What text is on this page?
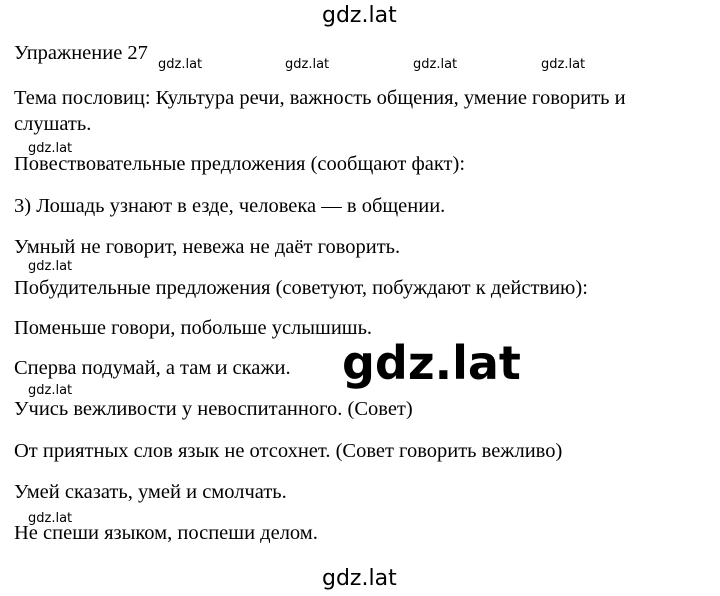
Упражнение 27
Тема пословиц: Культура речи, важность общения, умение говорить и
слушать.
Повествовательные предложения (сообщают факт):
3) Лошадь узнают в езде, человека — в общении.
Умный не говорит, невежа не даёт говорить.
Побудительные предложения (советуют, побуждают к действию):
Поменьше говори, побольше услышишь.
Сперва подумай, а там и скажи.
Учись вежливости у невоспитанного. (Совет)
От приятных слов язык не отсохнет. (Совет говорить вежливо)
Умей сказать, умей и смолчать.
Не спеши языком, поспеши делом.
gdz.lat
gdz.lat	gdz.lat	gdz.lat	gdz.lat
gdz.lat
gdz.lat
gdz.lat
gdz.lat
gdz.lat
gdz.lat
